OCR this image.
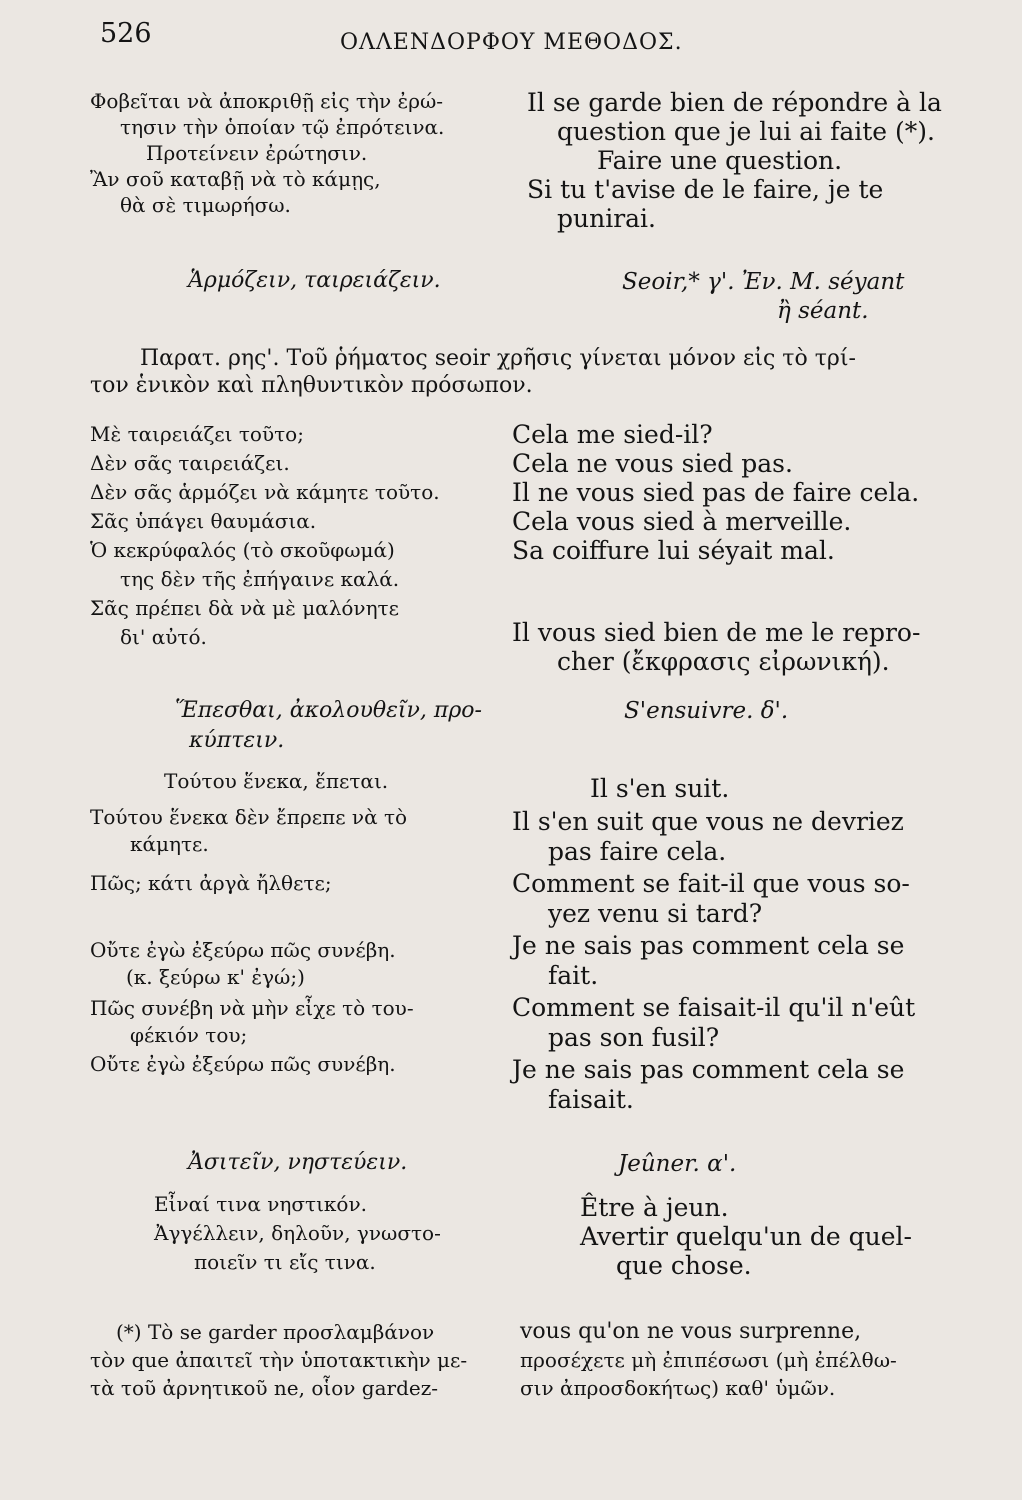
526	ΟΛΛΕΝΔΟΡΦΟΥ ΜΕΘΟΔΟΣ.
Φοβεῖται νὰ ἀποκριθῇ εἰς τὴν ἐρώ-
τησιν τὴν ὁποίαν τῷ ἐπρότεινα.
Προτείνειν ἐρώτησιν.
Ἂν σοῦ καταβῇ νὰ τὸ κάμῃς,
θὰ σὲ τιμωρήσω.
Il se garde bien de répondre à la
question que je lui ai faite (*).
Faire une question.
Si tu t'avise de le faire, je te
punirai.
Ἁρμόζειν, ταιρειάζειν.	Seoir,* γ'. Ἐν. Μ. séyant
ἢ séant.
Παρατ. ρης'. Τοῦ ῥήματος seoir χρῆσις γίνεται μόνον εἰς τὸ τρί-
τον ἑνικὸν καὶ πληθυντικὸν πρόσωπον.
Μὲ ταιρειάζει τοῦτο;
Δὲν σᾶς ταιρειάζει.
Δὲν σᾶς ἁρμόζει νὰ κάμητε τοῦτο.
Σᾶς ὑπάγει θαυμάσια.
Ὁ κεκρύφαλός (τὸ σκοῦφωμά)
της δὲν τῆς ἐπήγαινε καλά.
Σᾶς πρέπει δὰ νὰ μὲ μαλόνητε
δι' αὐτό.
Cela me sied-il?
Cela ne vous sied pas.
Il ne vous sied pas de faire cela.
Cela vous sied à merveille.
Sa coiffure lui séyait mal.
Il vous sied bien de me le repro-
cher (ἔκφρασις εἰρωνική).
Ἕπεσθαι, ἀκολουθεῖν, προ-
κύπτειν.
S'ensuivre. δ'.
Τούτου ἕνεκα, ἕπεται.
Τούτου ἕνεκα δὲν ἔπρεπε νὰ τὸ
κάμητε.
Πῶς; κάτι ἀργὰ ἤλθετε;
Οὔτε ἐγὼ ἐξεύρω πῶς συνέβη.
(κ. ξεύρω κ' ἐγώ;)
Πῶς συνέβη νὰ μὴν εἶχε τὸ του-
φέκιόν του;
Οὔτε ἐγὼ ἐξεύρω πῶς συνέβη.
Il s'en suit.
Il s'en suit que vous ne devriez
pas faire cela.
Comment se fait-il que vous so-
yez venu si tard?
Je ne sais pas comment cela se
fait.
Comment se faisait-il qu'il n'eût
pas son fusil?
Je ne sais pas comment cela se
faisait.
Ἀσιτεῖν, νηστεύειν.	Jeûner. α'.
Εἶναί τινα νηστικόν.
Ἀγγέλλειν, δηλοῦν, γνωστο-
ποιεῖν τι εἴς τινα.
Être à jeun.
Avertir quelqu'un de quel-
que chose.
(*) Τὸ se garder προσλαμβάνον
τὸν que ἀπαιτεῖ τὴν ὑποτακτικὴν με-
τὰ τοῦ ἀρνητικοῦ ne, οἷον gardez-
vous qu'on ne vous surprenne,
προσέχετε μὴ ἐπιπέσωσι (μὴ ἐπέλθω-
σιν ἀπροσδοκήτως) καθ' ὑμῶν.
